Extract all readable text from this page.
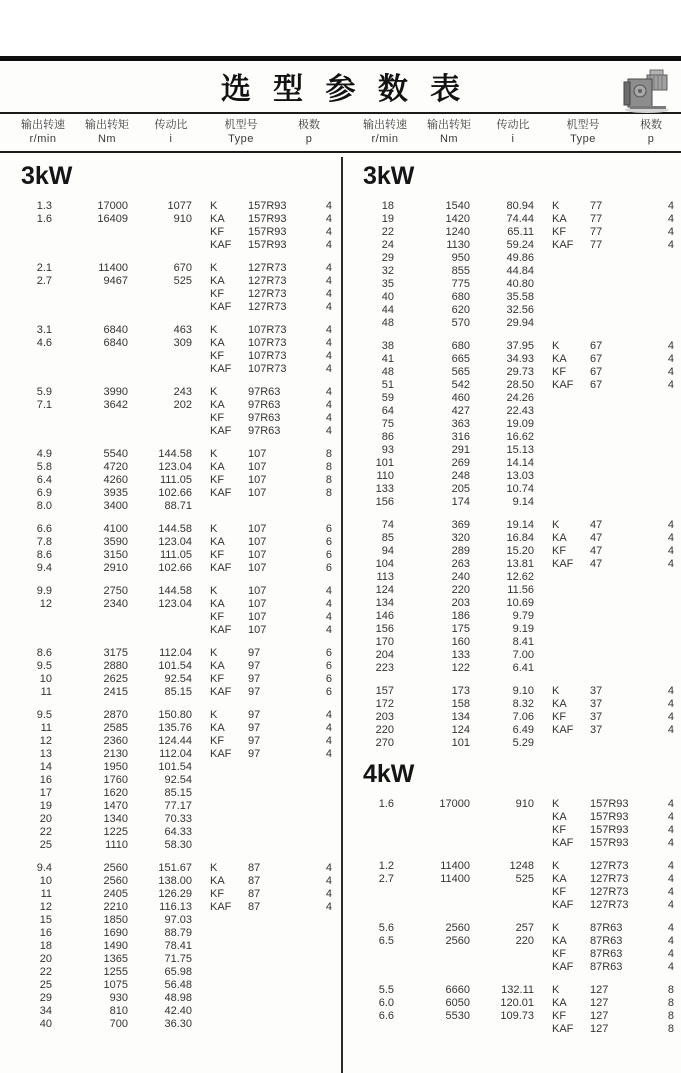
选 型 参 数 表
输出转速
r/min
输出转矩
Nm
传动比
i
机型号
Type
极数
p
输出转速
r/min
输出转矩
Nm
传动比
i
机型号
Type
极数
p
3kW
1.3	17000	1077 K	157R93	4
1.6	16409	910 KA	157R93	4
KF	157R93	4
KAF	157R93	4
2.1	11400	670 K	127R73	4
2.7	9467	525 KA	127R73	4
KF	127R73	4
KAF	127R73	4
3.1	6840	463 K	107R73	4
4.6	6840	309 KA	107R73	4
KF	107R73	4
KAF	107R73	4
5.9	3990	243 K	97R63	4
7.1	3642	202 KA	97R63	4
KF	97R63	4
KAF	97R63	4
4.9	5540	144.58 K	107	8
5.8	4720	123.04 KA	107	8
6.4	4260	111.05 KF	107	8
6.9	3935	102.66 KAF	107	8
8.0	3400	88.71
6.6	4100	144.58 K	107	6
7.8	3590	123.04 KA	107	6
8.6	3150	111.05 KF	107	6
9.4	2910	102.66 KAF	107	6
9.9	2750	144.58 K	107	4
12	2340	123.04 KA	107	4
KF	107	4
KAF	107	4
8.6	3175	112.04 K	97	6
9.5	2880	101.54 KA	97	6
10	2625	92.54 KF	97	6
11	2415	85.15 KAF	97	6
9.5	2870	150.80 K	97	4
11	2585	135.76 KA	97	4
12	2360	124.44 KF	97	4
13	2130	112.04 KAF	97	4
14	1950	101.54
16	1760	92.54
17	1620	85.15
19	1470	77.17
20	1340	70.33
22	1225	64.33
25	1110	58.30
9.4	2560	151.67 K	87	4
10	2560	138.00 KA	87	4
11	2405	126.29 KF	87	4
12	2210	116.13 KAF	87	4
15	1850	97.03
16	1690	88.79
18	1490	78.41
20	1365	71.75
22	1255	65.98
25	1075	56.48
29	930	48.98
34	810	42.40
40	700	36.30
3kW
18	1540	80.94 K	77	4
19	1420	74.44 KA	77	4
22	1240	65.11 KF	77	4
24	1130	59.24 KAF	77	4
29	950	49.86
32	855	44.84
35	775	40.80
40	680	35.58
44	620	32.56
48	570	29.94
38	680	37.95 K	67	4
41	665	34.93 KA	67	4
48	565	29.73 KF	67	4
51	542	28.50 KAF	67	4
59	460	24.26
64	427	22.43
75	363	19.09
86	316	16.62
93	291	15.13
101	269	14.14
110	248	13.03
133	205	10.74
156	174	9.14
74	369	19.14 K	47	4
85	320	16.84 KA	47	4
94	289	15.20 KF	47	4
104	263	13.81 KAF	47	4
113	240	12.62
124	220	11.56
134	203	10.69
146	186	9.79
156	175	9.19
170	160	8.41
204	133	7.00
223	122	6.41
157	173	9.10 K	37	4
172	158	8.32 KA	37	4
203	134	7.06 KF	37	4
220	124	6.49 KAF	37	4
270	101	5.29
4kW
1.6	17000	910 K	157R93	4
KA	157R93	4
KF	157R93	4
KAF	157R93	4
1.2	11400	1248 K	127R73	4
2.7	11400	525 KA	127R73	4
KF	127R73	4
KAF	127R73	4
5.6	2560	257 K	87R63	4
6.5	2560	220 KA	87R63	4
KF	87R63	4
KAF	87R63	4
5.5	6660	132.11 K	127	8
6.0	6050	120.01 KA	127	8
6.6	5530	109.73 KF	127	8
KAF	127	8
